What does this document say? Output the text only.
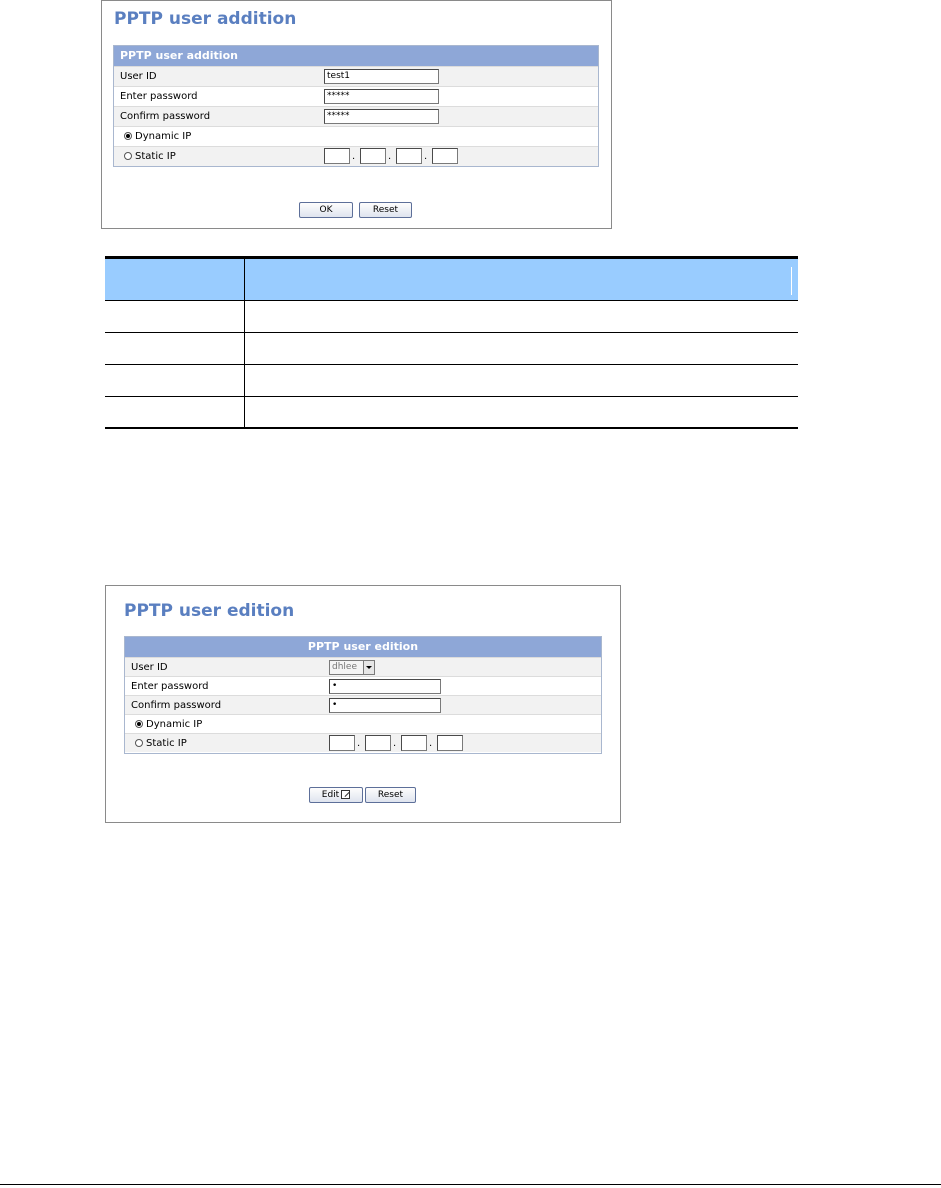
PPTP user addition
PPTP user addition
User ID	test1
Enter password	*****
Confirm password	*****
Dynamic IP
Static IP	.	.	.
OK	Reset
PPTP user edition
PPTP user edition
User ID	dhlee
Enter password	•
Confirm password	•
Dynamic IP
Static IP	.	.	.
Edit	Reset
